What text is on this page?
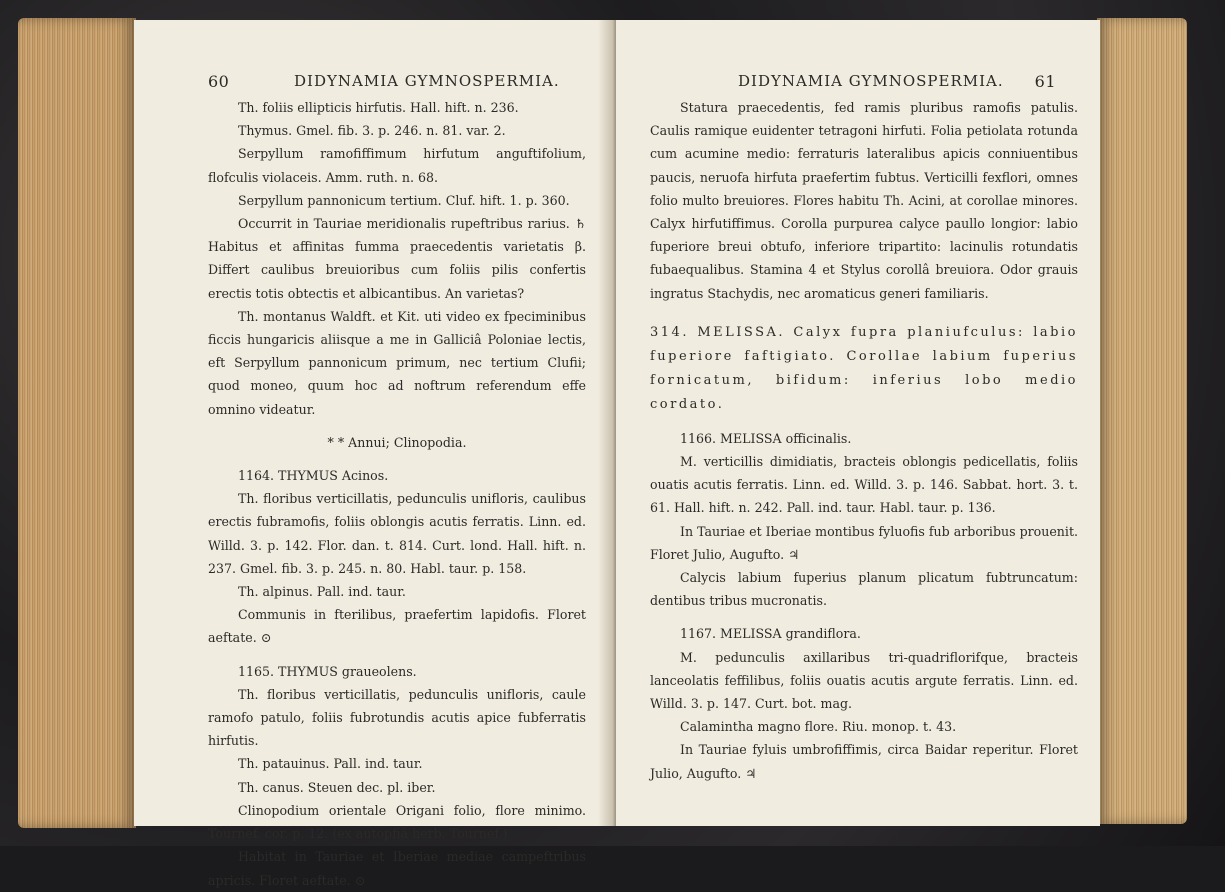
60	DIDYNAMIA GYMNOSPERMIA.

Th. foliis ellipticis hirfutis. Hall. hift. n. 236.

Thymus. Gmel. fib. 3. p. 246. n. 81. var. 2.

Serpyllum ramofiffimum hirfutum anguftifolium, flofculis violaceis. Amm. ruth. n. 68.

Serpyllum pannonicum tertium. Cluf. hift. 1. p. 360.

Occurrit in Tauriae meridionalis rupeftribus rarius. ♄ Habitus et affinitas fumma praecedentis varietatis β. Differt caulibus breuioribus cum foliis pilis confertis erectis totis obtectis et albicantibus. An varietas?

Th. montanus Waldft. et Kit. uti video ex fpeciminibus ficcis hungaricis aliisque a me in Galliciâ Poloniae lectis, eft Serpyllum pannonicum primum, nec tertium Clufii; quod moneo, quum hoc ad noftrum referendum effe omnino videatur.

* * Annui; Clinopodia.

1164. THYMUS Acinos.

Th. floribus verticillatis, pedunculis unifloris, caulibus erectis fubramofis, foliis oblongis acutis ferratis. Linn. ed. Willd. 3. p. 142. Flor. dan. t. 814. Curt. lond. Hall. hift. n. 237. Gmel. fib. 3. p. 245. n. 80. Habl. taur. p. 158.

Th. alpinus. Pall. ind. taur.

Communis in fterilibus, praefertim lapidofis. Floret aeftate. ⊙

1165. THYMUS graueolens.

Th. floribus verticillatis, pedunculis unifloris, caule ramofo patulo, foliis fubrotundis acutis apice fubferratis hirfutis.

Th. patauinus. Pall. ind. taur.

Th. canus. Steuen dec. pl. iber.

Clinopodium orientale Origani folio, flore minimo. Tournef. cor. p. 12. (ex autopfiâ herb. Tournef.)

Habitat in Tauriae et Iberiae mediae campeftribus apricis. Floret aeftate. ⊙

DIDYNAMIA GYMNOSPERMIA. 61

Statura praecedentis, fed ramis pluribus ramofis patulis. Caulis ramique euidenter tetragoni hirfuti. Folia petiolata rotunda cum acumine medio: ferraturis lateralibus apicis conniuentibus paucis, neruofa hirfuta praefertim fubtus. Verticilli fexflori, omnes folio multo breuiores. Flores habitu Th. Acini, at corollae minores. Calyx hirfutiffimus. Corolla purpurea calyce paullo longior: labio fuperiore breui obtufo, inferiore tripartito: lacinulis rotundatis fubaequalibus. Stamina 4 et Stylus corollâ breuiora. Odor grauis ingratus Stachydis, nec aromaticus generi familiaris.

314. MELISSA. Calyx fupra planiufculus: labio fuperiore faftigiato. Corollae labium fuperius fornicatum, bifidum: inferius lobo medio cordato.

1166. MELISSA officinalis.

M. verticillis dimidiatis, bracteis oblongis pedicellatis, foliis ouatis acutis ferratis. Linn. ed. Willd. 3. p. 146. Sabbat. hort. 3. t. 61. Hall. hift. n. 242. Pall. ind. taur. Habl. taur. p. 136.

In Tauriae et Iberiae montibus fyluofis fub arboribus prouenit. Floret Julio, Augufto. ♃

Calycis labium fuperius planum plicatum fubtruncatum: dentibus tribus mucronatis.

1167. MELISSA grandiflora.

M. pedunculis axillaribus tri-quadriflorifque, bracteis lanceolatis feffilibus, foliis ouatis acutis argute ferratis. Linn. ed. Willd. 3. p. 147. Curt. bot. mag.

Calamintha magno flore. Riu. monop. t. 43.

In Tauriae fyluis umbrofiffimis, circa Baidar reperitur. Floret Julio, Augufto. ♃
